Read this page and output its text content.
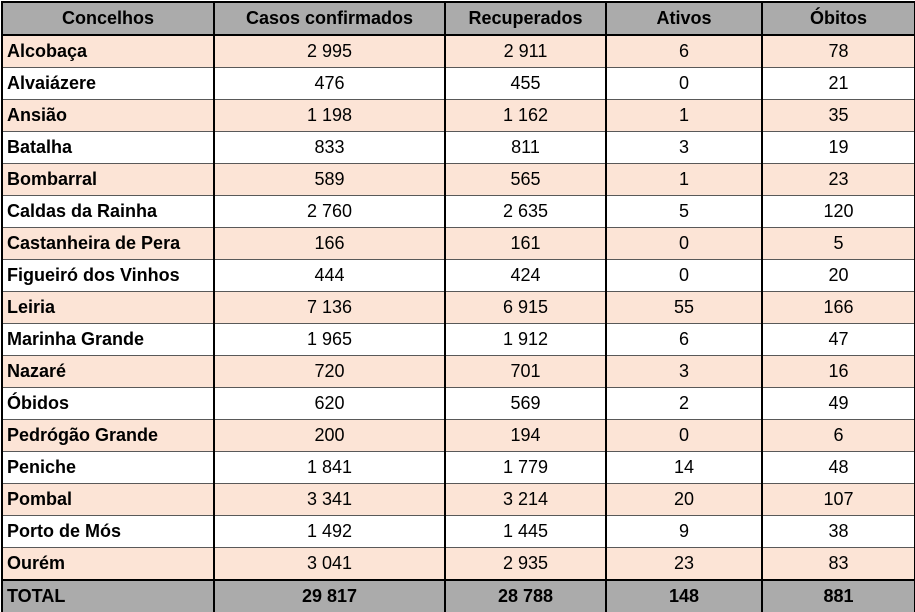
Concelhos	Casos confirmados	Recuperados	Ativos	Óbitos
Alcobaça	2 995	2 911	6	78
Alvaiázere	476	455	0	21
Ansião	1 198	1 162	1	35
Batalha	833	811	3	19
Bombarral	589	565	1	23
Caldas da Rainha	2 760	2 635	5	120
Castanheira de Pera	166	161	0	5
Figueiró dos Vinhos	444	424	0	20
Leiria	7 136	6 915	55	166
Marinha Grande	1 965	1 912	6	47
Nazaré	720	701	3	16
Óbidos	620	569	2	49
Pedrógão Grande	200	194	0	6
Peniche	1 841	1 779	14	48
Pombal	3 341	3 214	20	107
Porto de Mós	1 492	1 445	9	38
Ourém	3 041	2 935	23	83
TOTAL	29 817	28 788	148	881
